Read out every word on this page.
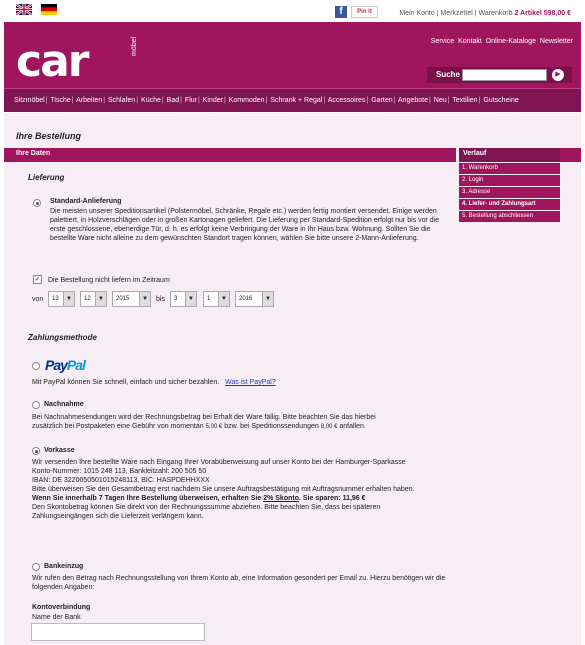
f	Pin it	Mein Konto | Merkzettel | Warenkorb 2 Artikel 598,00 €
car	möbel	Service Kontakt Online-Kataloge Newsletter
Suche	▶
Sitzmöbel| Tische| Arbeiten| Schlafen| Küche| Bad| Flur| Kinder| Kommoden| Schrank + Regal| Accessoires| Garten| Angebote| Neu| Textilien| Gutscheine
Ihre Bestellung
Ihre Daten	Verlauf
1. Warenkorb
2. Login
3. Adresse
4. Liefer- und Zahlungsart
5. Bestellung abschliessen
Lieferung
Standard-Anlieferung
Die meisten unserer Speditionsartikel (Polstermöbel, Schränke, Regale etc.) werden fertig montiert versendet. Einige werden palettiert, in Holzverschlägen oder in großen Kartonagen geliefert. Die Lieferung per Standard-Spedition erfolgt nur bis vor die erste geschlossene, ebenerdige Tür, d. h. es erfolgt keine Verbringung der Ware in Ihr Haus bzw. Wohnung. Sollten Sie die bestellte Ware nicht alleine zu dem gewünschten Standort tragen können, wählen Sie bitte unsere 2-Mann-Anlieferung.
✓ Die Bestellung nicht liefern im Zeitraum
von 13	▼	12	▼	2015	▼ bis 3	▼	1	▼	2016	▼
Zahlungsmethode
PayPal
Mit PayPal können Sie schnell, einfach und sicher bezahlen. Was ist PayPal?
Nachnahme
Bei Nachnahmesendungen wird der Rechnungsbetrag bei Erhalt der Ware fällig. Bitte beachten Sie das hierbei
zusätzlich bei Postpaketen eine Gebühr von momentan 5,00 € bzw. bei Speditionssendungen 8,00 € anfallen.
Vorkasse
Wir versenden Ihre bestellte Ware nach Eingang Ihrer Vorabüberweisung auf unser Konto bei der Hamburger-Sparkasse
Konto-Nummer: 1015 248 113, Bankleitzahl: 200 505 50
IBAN: DE 32200505010152481​13, BIC: HASPDEHHXXX
Bitte überweisen Sie den Gesamtbetrag erst nachdem Sie unsere Auftragsbestätigung mit Auftragsnummer erhalten haben.
Wenn Sie innerhalb 7 Tagen Ihre Bestellung überweisen, erhalten Sie 2% Skonto. Sie sparen: 11,96 €
Den Skontobetrag können Sie direkt von der Rechnungssumme abziehen. Bitte beachten Sie, dass bei späteren Zahlungseingängen sich die Lieferzeit verlängern kann.
Bankeinzug
Wir rufen den Betrag nach Rechnungsstellung von Ihrem Konto ab, eine Information gesondert per Email zu. Hierzu benötigen wir die folgenden Angaben:
Kontoverbindung
Name der Bank
